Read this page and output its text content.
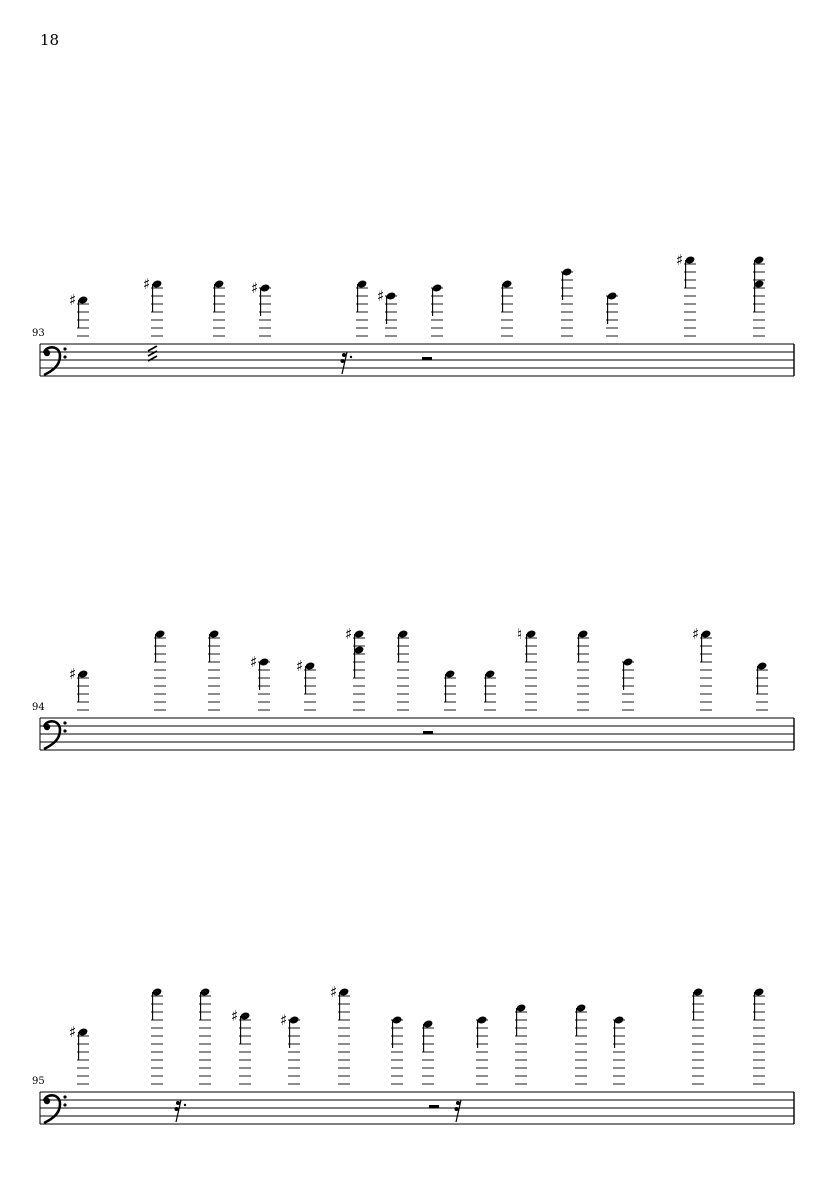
18
93
♯
♯	♯	♯
♯
94
♯
♯	♯
♯	♮	♯
95
♯
♯	♯
♯
